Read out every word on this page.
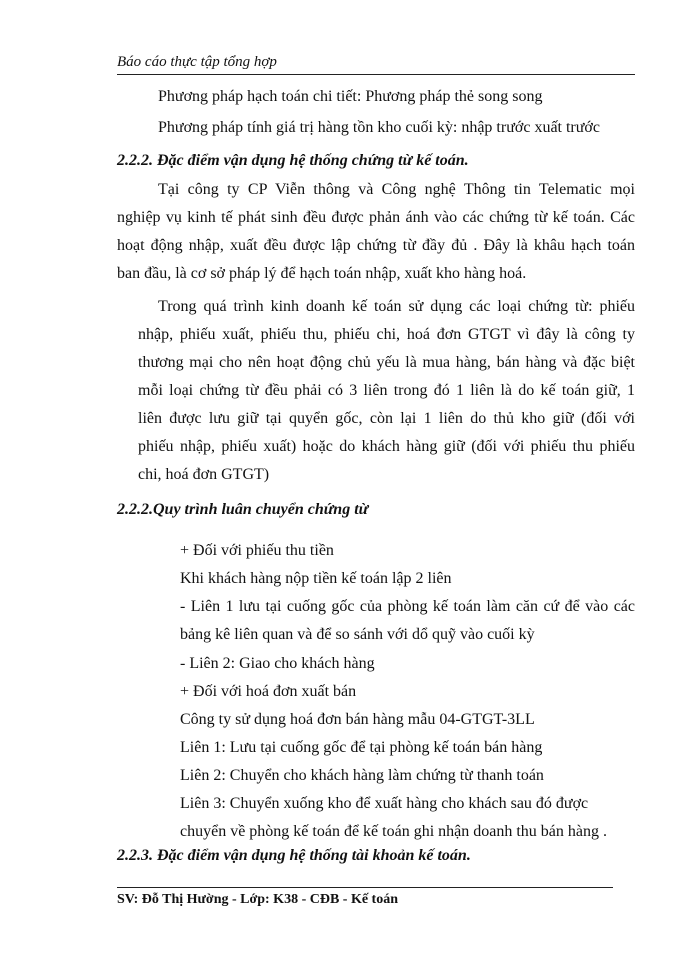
Báo cáo thực tập tổng hợp
Phương pháp hạch toán chi tiết: Phương pháp thẻ song song
Phương pháp tính giá trị hàng tồn kho cuối kỳ: nhập trước xuất trước
2.2.2. Đặc điểm vận dụng hệ thống chứng từ kế toán.
Tại công ty CP Viễn thông và Công nghệ Thông tin Telematic mọi
nghiệp vụ kinh tế phát sinh đều được phản ánh vào các chứng từ kế toán. Các
hoạt động nhập, xuất đều được lập chứng từ đầy đủ . Đây là khâu hạch toán
ban đầu, là cơ sở pháp lý để hạch toán nhập, xuất kho hàng hoá.
Trong quá trình kinh doanh kế toán sử dụng các loại chứng từ: phiếu
nhập, phiếu xuất, phiếu thu, phiếu chi, hoá đơn GTGT vì đây là công ty
thương mại cho nên hoạt động chủ yếu là mua hàng, bán hàng và đặc biệt
mỗi loại chứng từ đều phải có 3 liên trong đó 1 liên là do kế toán giữ, 1
liên được lưu giữ tại quyển gốc, còn lại 1 liên do thủ kho giữ (đối với
phiếu nhập, phiếu xuất) hoặc do khách hàng giữ (đối với phiếu thu phiếu
chi, hoá đơn GTGT)
2.2.2.Quy trình luân chuyển chứng từ
+ Đối với phiếu thu tiền
Khi khách hàng nộp tiền kế toán lập 2 liên
- Liên 1 lưu tại cuống gốc của phòng kế toán làm căn cứ để vào các
bảng kê liên quan và để so sánh với dổ quỹ vào cuối kỳ
- Liên 2: Giao cho khách hàng
+ Đối với hoá đơn xuất bán
Công ty sử dụng hoá đơn bán hàng mẫu 04-GTGT-3LL
Liên 1: Lưu tại cuống gốc để tại phòng kế toán bán hàng
Liên 2: Chuyển cho khách hàng làm chứng từ thanh toán
Liên 3: Chuyển xuống kho để xuất hàng cho khách sau đó được
chuyển về phòng kế toán để kế toán ghi nhận doanh thu bán hàng .
2.2.3. Đặc điểm vận dụng hệ thống tài khoản kế toán.
SV: Đỗ Thị Hường - Lớp: K38 - CĐB - Kế toán
